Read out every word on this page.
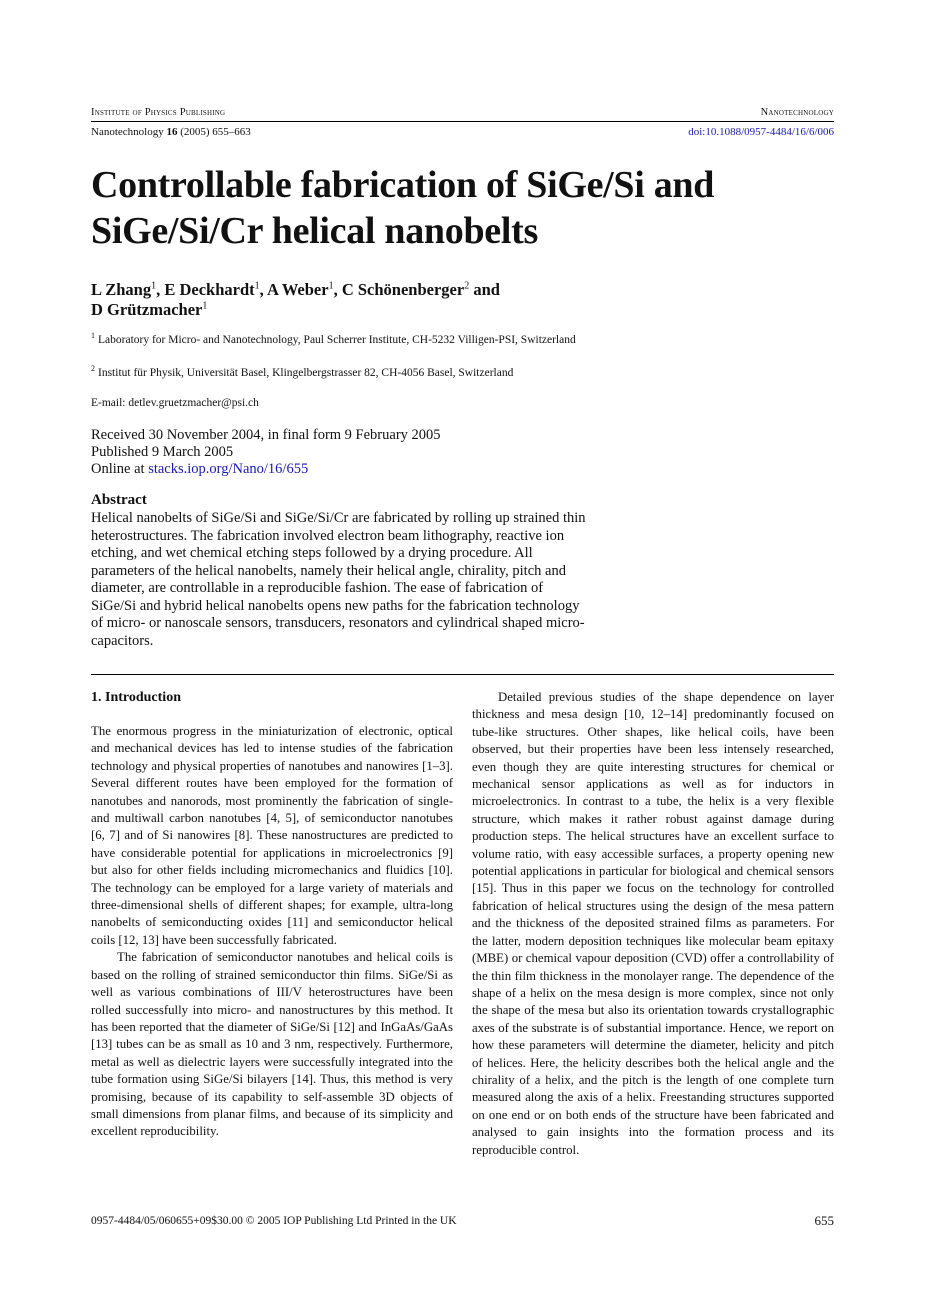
Institute of Physics Publishing	Nanotechnology
Nanotechnology 16 (2005) 655–663	doi:10.1088/0957-4484/16/6/006
Controllable fabrication of SiGe/Si and SiGe/Si/Cr helical nanobelts
L Zhang$^1$, E Deckhardt$^1$, A Weber$^1$, C Schönenberger$^2$ and
D Grützmacher$^1$
$^1$ Laboratory for Micro- and Nanotechnology, Paul Scherrer Institute, CH-5232 Villigen-PSI, Switzerland
$^2$ Institut für Physik, Universität Basel, Klingelbergstrasser 82, CH-4056 Basel, Switzerland
E-mail: detlev.gruetzmacher@psi.ch
Received 30 November 2004, in final form 9 February 2005
Published 9 March 2005
Online at stacks.iop.org/Nano/16/655
Abstract
Helical nanobelts of SiGe/Si and SiGe/Si/Cr are fabricated by rolling up strained thin heterostructures. The fabrication involved electron beam lithography, reactive ion etching, and wet chemical etching steps followed by a drying procedure. All parameters of the helical nanobelts, namely their helical angle, chirality, pitch and diameter, are controllable in a reproducible fashion. The ease of fabrication of SiGe/Si and hybrid helical nanobelts opens new paths for the fabrication technology of micro- or nanoscale sensors, transducers, resonators and cylindrical shaped micro-capacitors.
1. Introduction

The enormous progress in the miniaturization of electronic, optical and mechanical devices has led to intense studies of the fabrication technology and physical properties of nanotubes and nanowires [1–3]. Several different routes have been employed for the formation of nanotubes and nanorods, most prominently the fabrication of single- and multiwall carbon nanotubes [4, 5], of semiconductor nanotubes [6, 7] and of Si nanowires [8]. These nanostructures are predicted to have considerable potential for applications in microelectronics [9] but also for other fields including micromechanics and fluidics [10]. The technology can be employed for a large variety of materials and three-dimensional shells of different shapes; for example, ultra-long nanobelts of semiconducting oxides [11] and semiconductor helical coils [12, 13] have been successfully fabricated.

The fabrication of semiconductor nanotubes and helical coils is based on the rolling of strained semiconductor thin films. SiGe/Si as well as various combinations of III/V heterostructures have been rolled successfully into micro- and nanostructures by this method. It has been reported that the diameter of SiGe/Si [12] and InGaAs/GaAs [13] tubes can be as small as 10 and 3 nm, respectively. Furthermore, metal as well as dielectric layers were successfully integrated into the tube formation using SiGe/Si bilayers [14]. Thus, this method is very promising, because of its capability to self-assemble 3D objects of small dimensions from planar films, and because of its simplicity and excellent reproducibility.

Detailed previous studies of the shape dependence on layer thickness and mesa design [10, 12–14] predominantly focused on tube-like structures. Other shapes, like helical coils, have been observed, but their properties have been less intensely researched, even though they are quite interesting structures for chemical or mechanical sensor applications as well as for inductors in microelectronics. In contrast to a tube, the helix is a very flexible structure, which makes it rather robust against damage during production steps. The helical structures have an excellent surface to volume ratio, with easy accessible surfaces, a property opening new potential applications in particular for biological and chemical sensors [15]. Thus in this paper we focus on the technology for controlled fabrication of helical structures using the design of the mesa pattern and the thickness of the deposited strained films as parameters. For the latter, modern deposition techniques like molecular beam epitaxy (MBE) or chemical vapour deposition (CVD) offer a controllability of the thin film thickness in the monolayer range. The dependence of the shape of a helix on the mesa design is more complex, since not only the shape of the mesa but also its orientation towards crystallographic axes of the substrate is of substantial importance. Hence, we report on how these parameters will determine the diameter, helicity and pitch of helices. Here, the helicity describes both the helical angle and the chirality of a helix, and the pitch is the length of one complete turn measured along the axis of a helix. Freestanding structures supported on one end or on both ends of the structure have been fabricated and analysed to gain insights into the formation process and its reproducible control.

0957-4484/05/060655+09$30.00 © 2005 IOP Publishing Ltd Printed in the UK	655
